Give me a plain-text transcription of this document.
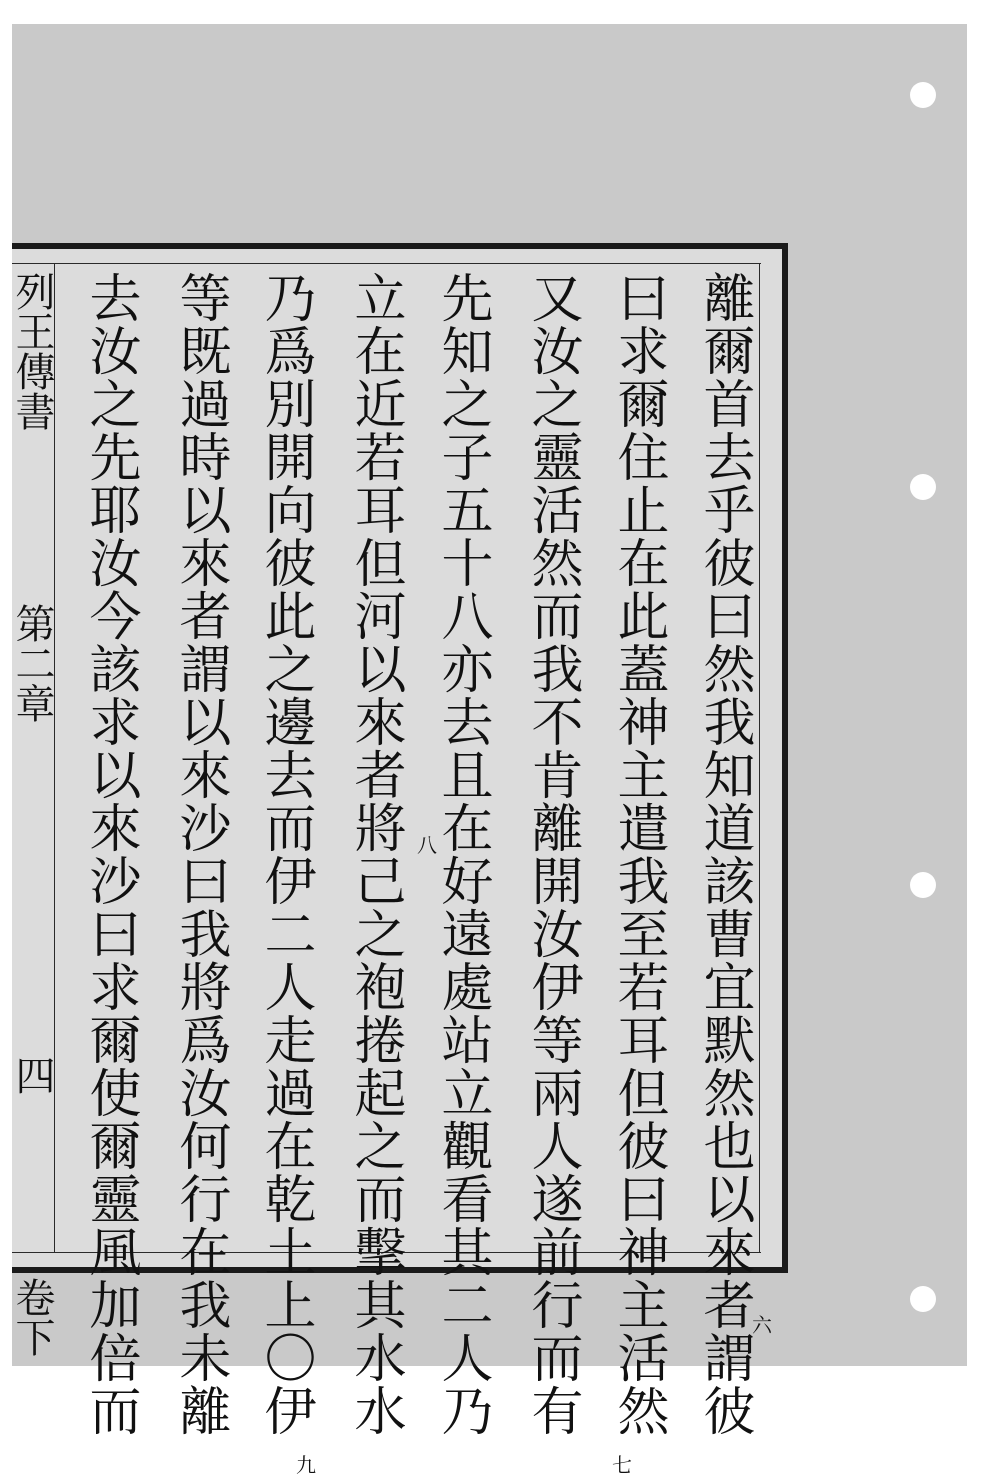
離爾首去乎彼曰然我知道該曹宜默然也以來者謂彼
曰求爾住止在此蓋神主遣我至若耳但彼曰神主活然
又汝之靈活然而我不肯離開汝伊等兩人遂前行而有
先知之子五十八亦去且在好遠處站立觀看其二人乃
立在近若耳但河以來者將己之袍捲起之而擊其水水
乃爲別開向彼此之邊去而伊二人走過在乾土上〇伊
等既過時以來者謂以來沙曰我將爲汝何行在我未離
去汝之先耶汝今該求以來沙曰求爾使爾靈風加倍而
列王傳書  第二章  四  卷下	六
七
八
九
